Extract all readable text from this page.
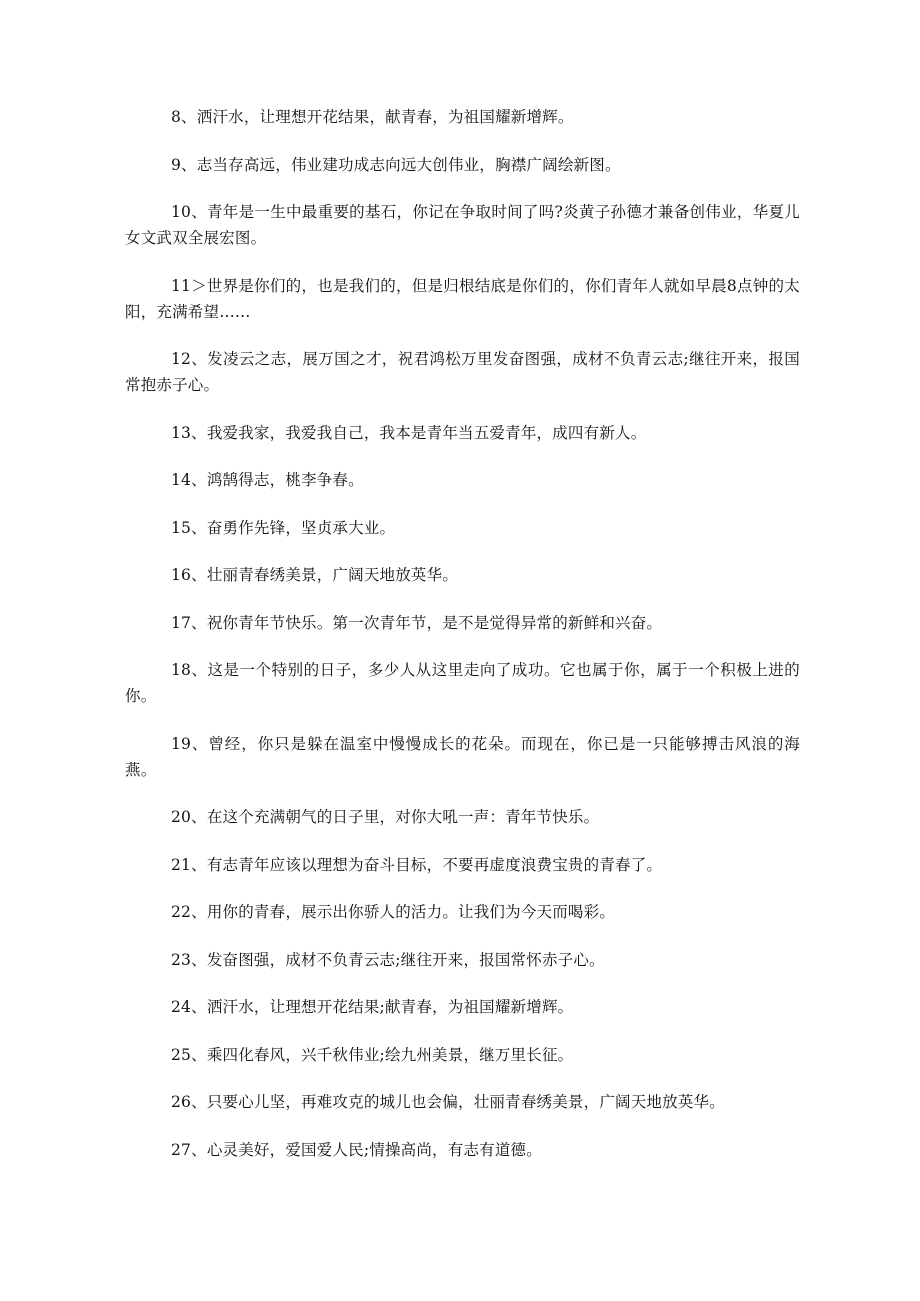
8、洒汗水，让理想开花结果，献青春，为祖国耀新增辉。

9、志当存高远，伟业建功成志向远大创伟业，胸襟广阔绘新图。

10、青年是一生中最重要的基石，你记在争取时间了吗?炎黄子孙德才兼备创伟业，华夏儿女文武双全展宏图。

11＞世界是你们的，也是我们的，但是归根结底是你们的，你们青年人就如早晨8点钟的太阳，充满希望……

12、发凌云之志，展万国之才，祝君鸿松万里发奋图强，成材不负青云志;继往开来，报国常抱赤子心。

13、我爱我家，我爱我自己，我本是青年当五爱青年，成四有新人。

14、鸿鹄得志，桃李争春。

15、奋勇作先锋，坚贞承大业。

16、壮丽青春绣美景，广阔天地放英华。

17、祝你青年节快乐。第一次青年节，是不是觉得异常的新鲜和兴奋。

18、这是一个特别的日子，多少人从这里走向了成功。它也属于你，属于一个积极上进的你。

19、曾经，你只是躲在温室中慢慢成长的花朵。而现在，你已是一只能够搏击风浪的海燕。

20、在这个充满朝气的日子里，对你大吼一声：青年节快乐。

21、有志青年应该以理想为奋斗目标，不要再虚度浪费宝贵的青春了。

22、用你的青春，展示出你骄人的活力。让我们为今天而喝彩。

23、发奋图强，成材不负青云志;继往开来，报国常怀赤子心。

24、洒汗水，让理想开花结果;献青春，为祖国耀新增辉。

25、乘四化春风，兴千秋伟业;绘九州美景，继万里长征。

26、只要心儿坚，再难攻克的城儿也会偏，壮丽青春绣美景，广阔天地放英华。

27、心灵美好，爱国爱人民;情操高尚，有志有道德。
